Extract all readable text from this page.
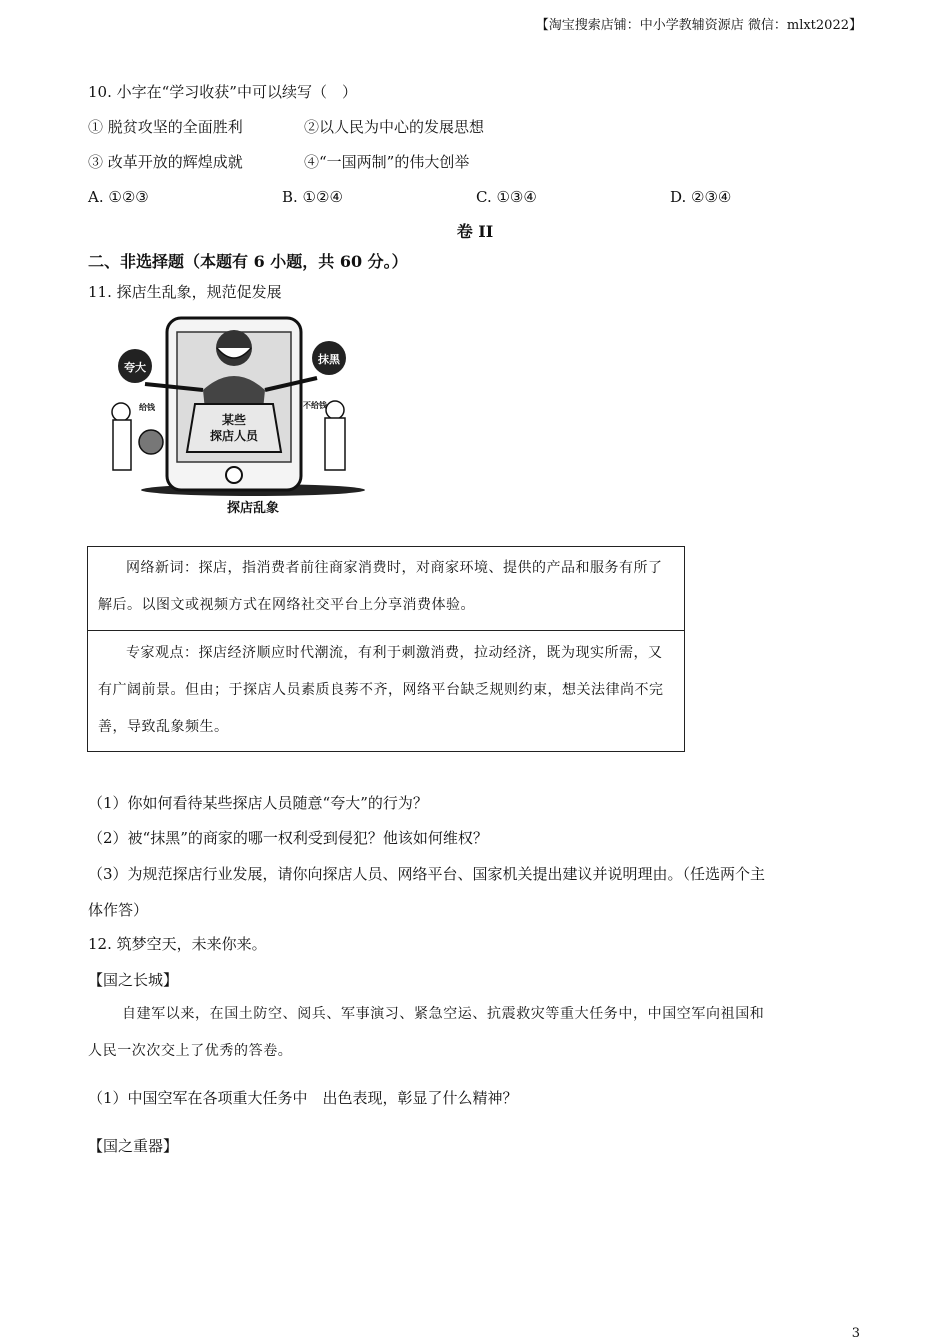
【淘宝搜索店铺：中小学教辅资源店 微信：mlxt2022】
10. 小字在“学习收获”中可以续写（　）
① 脱贫攻坚的全面胜利	②以人民为中心的发展思想
③ 改革开放的辉煌成就	④“一国两制”的伟大创举
A. ①②③	B. ①②④	C. ①③④	D. ②③④
卷 II
二、非选择题（本题有 6 小题，共 60 分。）
11. 探店生乱象，规范促发展
某些
探店人员
夸大
抹黑
给钱	不给钱
探店乱象
网络新词：探店，指消费者前往商家消费时，对商家环境、提供的产品和服务有所了解后。以图文或视频方式在网络社交平台上分享消费体验。
专家观点：探店经济顺应时代潮流，有利于刺激消费，拉动经济，既为现实所需，又有广阔前景。但由；于探店人员素质良莠不齐，网络平台缺乏规则约束，想关法律尚不完善，导致乱象频生。
（1）你如何看待某些探店人员随意“夸大”的行为？
（2）被“抹黑”的商家的哪一权利受到侵犯？他该如何维权？
（3）为规范探店行业发展，请你向探店人员、网络平台、国家机关提出建议并说明理由。（任选两个主
体作答）
12. 筑梦空天，未来你来。
【国之长城】
自建军以来，在国土防空、阅兵、军事演习、紧急空运、抗震救灾等重大任务中，中国空军向祖国和
人民一次次交上了优秀的答卷。
（1）中国空军在各项重大任务中　出色表现，彰显了什么精神？
【国之重器】
3
